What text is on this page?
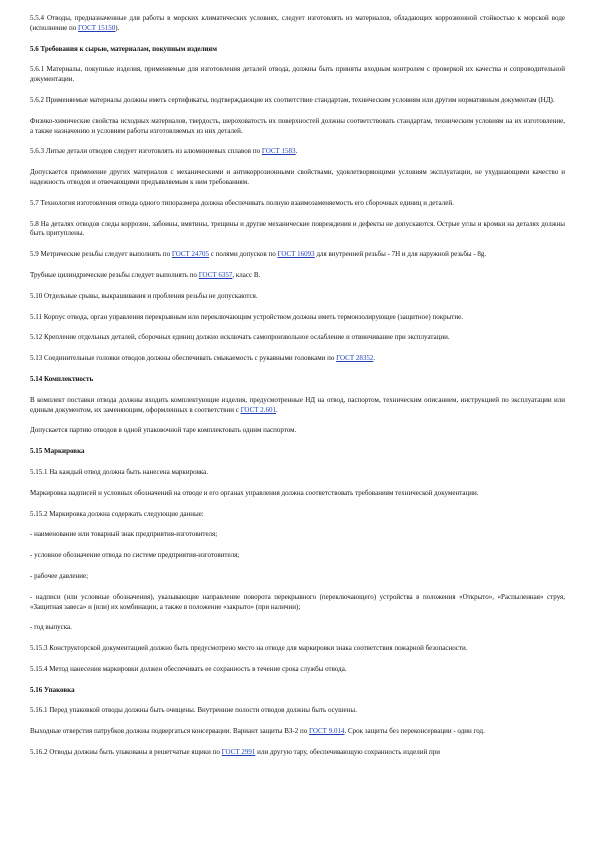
5.5.4 Отводы, предназначенные для работы в морских климатических условиях, следует изготовлять из материалов, обладающих коррозионной стойкостью к морской воде (исполнение по ГОСТ 15150).

5.6 Требования к сырью, материалам, покупным изделиям

5.6.1 Материалы, покупные изделия, применяемые для изготовления деталей отвода, должны быть приняты входным контролем с проверкой их качества и сопроводительной документации.

5.6.2 Применяемые материалы должны иметь сертификаты, подтверждающие их соответствие стандартам, техническим условиям или другим нормативным документам (НД).

Физико-химические свойства исходных материалов, твердость, шероховатость их поверхностей должны соответствовать стандартам, техническим условиям на их изготовление, а также назначению и условиям работы изготовляемых из них деталей.

5.6.3 Литые детали отводов следует изготовлять из алюминиевых сплавов по ГОСТ 1583.

Допускается применение других материалов с механическими и антикоррозионными свойствами, удовлетворяющими условиям эксплуатации, не ухудшающими качество и надежность отводов и отвечающими предъявляемым к ним требованиям.

5.7 Технология изготовления отвода одного типоразмера должна обеспечивать полную взаимозаменяемость его сборочных единиц и деталей.

5.8 На деталях отводов следы коррозии, забоины, вмятины, трещины и другие механические повреждения и дефекты не допускаются. Острые углы и кромки на деталях должны быть притуплены.

5.9 Метрические резьбы следует выполнять по ГОСТ 24705 с полями допусков по ГОСТ 16093 для внутренней резьбы - 7H и для наружной резьбы - 8g.

Трубные цилиндрические резьбы следует выполнять по ГОСТ 6357, класс В.

5.10 Отдельные срывы, выкрашивания и пробления резьбы не допускаются.

5.11 Корпус отвода, орган управления перекрывным или переключающим устройством должны иметь термоизолирующее (защитное) покрытие.

5.12 Крепление отдельных деталей, сборочных единиц должно исключать самопроизвольное ослабление и отвинчивание при эксплуатации.

5.13 Соединительные головки отводов должны обеспечивать смыкаемость с рукавными головками по ГОСТ 28352.

5.14 Комплектность

В комплект поставки отвода должны входить комплектующие изделия, предусмотренные НД на отвод, паспортом, техническим описанием, инструкцией по эксплуатации или единым документом, их заменяющим, оформленных в соответствии с ГОСТ 2.601.

Допускается партию отводов в одной упаковочной таре комплектовать одним паспортом.

5.15 Маркировка

5.15.1 На каждый отвод должна быть нанесена маркировка.

Маркировка надписей и условных обозначений на отводе и его органах управления должна соответствовать требованиям технической документации.

5.15.2 Маркировка должна содержать следующие данные:

- наименование или товарный знак предприятия-изготовителя;

- условное обозначение отвода по системе предприятия-изготовителя;

- рабочее давление;

- надписи (или условные обозначения), указывающие направление поворота перекрывного (переключающего) устройства в положения «Открыто», «Распыленная» струя, «Защитная завеса» и (или) их комбинации, а также в положение «закрыто» (при наличии);

- год выпуска.

5.15.3 Конструкторской документацией должно быть предусмотрено место на отводе для маркировки знака соответствия пожарной безопасности.

5.15.4 Метод нанесения маркировки должен обеспечивать ее сохранность в течение срока службы отвода.

5.16 Упаковка

5.16.1 Перед упаковкой отводы должны быть очищены. Внутренние полости отводов должны быть осушены.

Выходные отверстия патрубков должны подвергаться консервации. Вариант защиты ВЗ-2 по ГОСТ 9.014. Срок защиты без переконсервации - один год.

5.16.2 Отводы должны быть упакованы в решетчатые ящики по ГОСТ 2991 или другую тару, обеспечивающую сохранность изделий при
